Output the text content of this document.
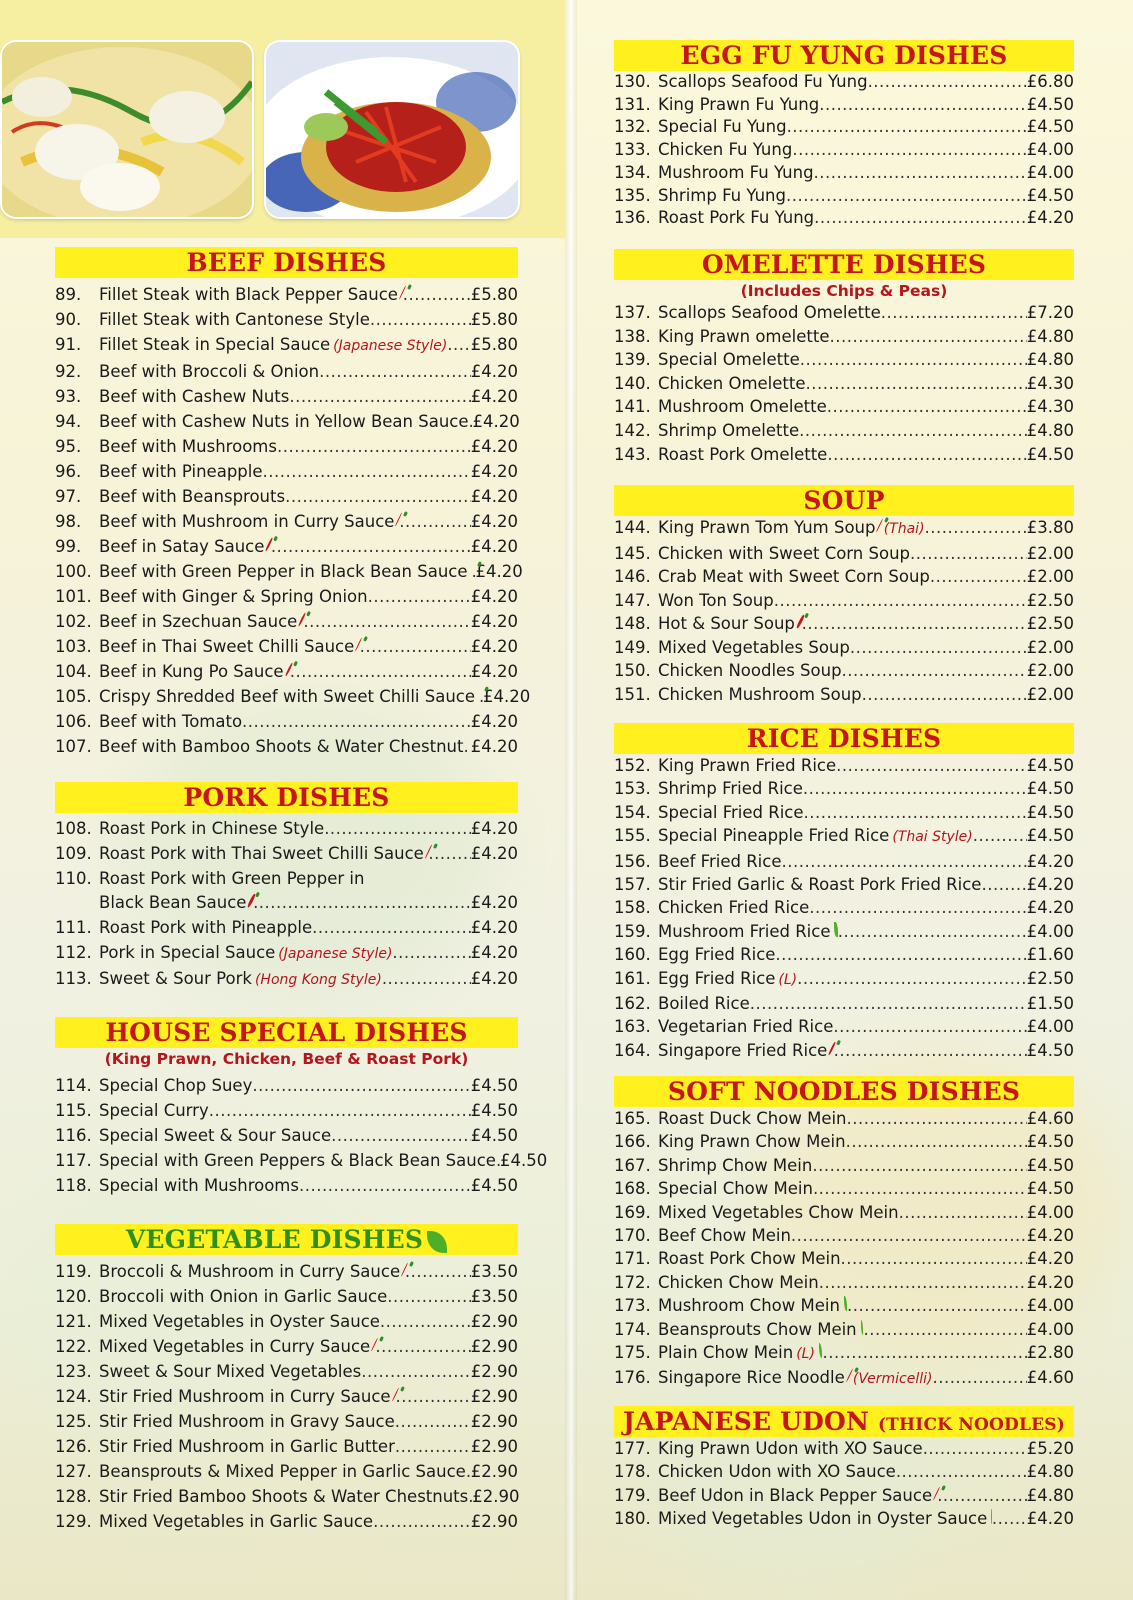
BEEF DISHES
89.	Fillet Steak with Black Pepper Sauce .....	£5.80
90.	Fillet Steak with Cantonese Style .....	£5.80
91.	Fillet Steak in Special Sauce (Japanese Style) ..... £5.80
92.	Beef with Broccoli & Onion .....	£4.20
93.	Beef with Cashew Nuts .....	£4.20
94.	Beef with Cashew Nuts in Yellow Bean Sauce ..... £4.20
95.	Beef with Mushrooms .....	£4.20
96.	Beef with Pineapple .....	£4.20
97.	Beef with Beansprouts .....	£4.20
98.	Beef with Mushroom in Curry Sauce .....	£4.20
99.	Beef in Satay Sauce .....	£4.20
100. Beef with Green Pepper in Black Bean Sauce ..... £4.20
101. Beef with Ginger & Spring Onion .....	£4.20
102. Beef in Szechuan Sauce .....	£4.20
103. Beef in Thai Sweet Chilli Sauce .....	£4.20
104. Beef in Kung Po Sauce .....	£4.20
105. Crispy Shredded Beef with Sweet Chilli Sauce ..... £4.20
106. Beef with Tomato .....	£4.20
107. Beef with Bamboo Shoots & Water Chestnut ..... £4.20
PORK DISHES
108. Roast Pork in Chinese Style .....	£4.20
109. Roast Pork with Thai Sweet Chilli Sauce .....	£4.20
110. Roast Pork with Green Pepper in
Black Bean Sauce .....	£4.20
111. Roast Pork with Pineapple .....	£4.20
112. Pork in Special Sauce (Japanese Style) .....	£4.20
113. Sweet & Sour Pork (Hong Kong Style) .....	£4.20
HOUSE SPECIAL DISHES
(King Prawn, Chicken, Beef & Roast Pork)
114. Special Chop Suey .....	£4.50
115. Special Curry .....	£4.50
116. Special Sweet & Sour Sauce .....	£4.50
117. Special with Green Peppers & Black Bean Sauce ..... £4.50
118. Special with Mushrooms .....	£4.50
VEGETABLE DISHES
119. Broccoli & Mushroom in Curry Sauce .....	£3.50
120. Broccoli with Onion in Garlic Sauce .....	£3.50
121. Mixed Vegetables in Oyster Sauce .....	£2.90
122. Mixed Vegetables in Curry Sauce .....	£2.90
123. Sweet & Sour Mixed Vegetables .....	£2.90
124. Stir Fried Mushroom in Curry Sauce .....	£2.90
125. Stir Fried Mushroom in Gravy Sauce .....	£2.90
126. Stir Fried Mushroom in Garlic Butter .....	£2.90
127. Beansprouts & Mixed Pepper in Garlic Sauce ..... £2.90
128. Stir Fried Bamboo Shoots & Water Chestnuts ..... £2.90
129. Mixed Vegetables in Garlic Sauce .....	£2.90
EGG FU YUNG DISHES
130. Scallops Seafood Fu Yung .....	£6.80
131. King Prawn Fu Yung .....	£4.50
132. Special Fu Yung .....	£4.50
133. Chicken Fu Yung .....	£4.00
134. Mushroom Fu Yung .....	£4.00
135. Shrimp Fu Yung .....	£4.50
136. Roast Pork Fu Yung .....	£4.20
OMELETTE DISHES
(Includes Chips & Peas)
137. Scallops Seafood Omelette .....	£7.20
138. King Prawn omelette .....	£4.80
139. Special Omelette .....	£4.80
140. Chicken Omelette .....	£4.30
141. Mushroom Omelette .....	£4.30
142. Shrimp Omelette .....	£4.80
143. Roast Pork Omelette .....	£4.50
SOUP
144. King Prawn Tom Yum Soup (Thai) .....	£3.80
145. Chicken with Sweet Corn Soup .....	£2.00
146. Crab Meat with Sweet Corn Soup .....	£2.00
147. Won Ton Soup .....	£2.50
148. Hot & Sour Soup .....	£2.50
149. Mixed Vegetables Soup .....	£2.00
150. Chicken Noodles Soup .....	£2.00
151. Chicken Mushroom Soup .....	£2.00
RICE DISHES
152. King Prawn Fried Rice .....	£4.50
153. Shrimp Fried Rice .....	£4.50
154. Special Fried Rice .....	£4.50
155. Special Pineapple Fried Rice (Thai Style) .....	£4.50
156. Beef Fried Rice .....	£4.20
157. Stir Fried Garlic & Roast Pork Fried Rice .....	£4.20
158. Chicken Fried Rice .....	£4.20
159. Mushroom Fried Rice .....	£4.00
160. Egg Fried Rice .....	£1.60
161. Egg Fried Rice (L) .....	£2.50
162. Boiled Rice .....	£1.50
163. Vegetarian Fried Rice .....	£4.00
164. Singapore Fried Rice .....	£4.50
SOFT NOODLES DISHES
165. Roast Duck Chow Mein .....	£4.60
166. King Prawn Chow Mein .....	£4.50
167. Shrimp Chow Mein .....	£4.50
168. Special Chow Mein .....	£4.50
169. Mixed Vegetables Chow Mein .....	£4.00
170. Beef Chow Mein .....	£4.20
171. Roast Pork Chow Mein .....	£4.20
172. Chicken Chow Mein .....	£4.20
173. Mushroom Chow Mein .....	£4.00
174. Beansprouts Chow Mein .....	£4.00
175. Plain Chow Mein (L) .....	£2.80
176. Singapore Rice Noodle (Vermicelli) .....	£4.60
JAPANESE UDON (THICK NOODLES)
177. King Prawn Udon with XO Sauce .....	£5.20
178. Chicken Udon with XO Sauce .....	£4.80
179. Beef Udon in Black Pepper Sauce .....	£4.80
180. Mixed Vegetables Udon in Oyster Sauce ..... £4.20
